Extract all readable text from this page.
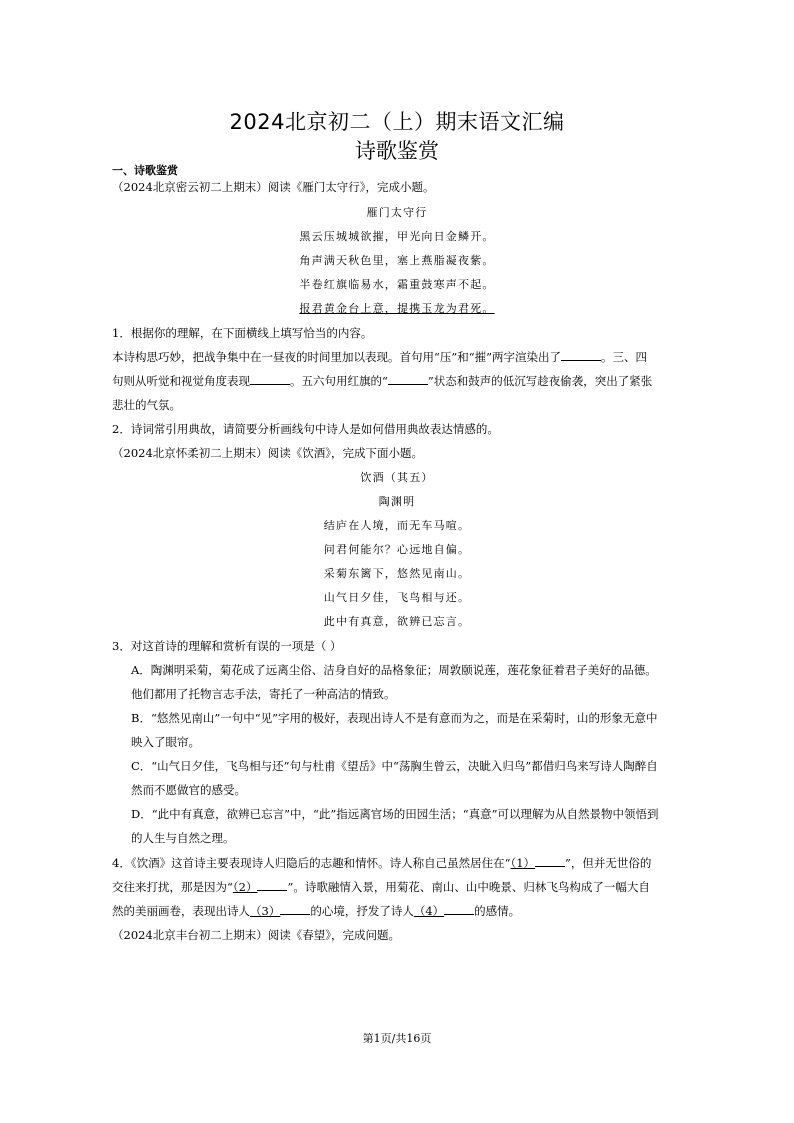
2024北京初二（上）期末语文汇编
诗歌鉴赏
一、诗歌鉴赏
（2024北京密云初二上期末）阅读《雁门太守行》，完成小题。
雁门太守行
黑云压城城欲摧，甲光向日金鳞开。
角声满天秋色里，塞上燕脂凝夜紫。
半卷红旗临易水，霜重鼓寒声不起。
报君黄金台上意，提携玉龙为君死。
1．根据你的理解，在下面横线上填写恰当的内容。
本诗构思巧妙，把战争集中在一昼夜的时间里加以表现。首句用“压”和“摧”两字渲染出了	。三、四
句则从听觉和视觉角度表现	。五六句用红旗的“	”状态和鼓声的低沉写趁夜偷袭，突出了紧张
悲壮的气氛。
2．诗词常引用典故，请简要分析画线句中诗人是如何借用典故表达情感的。
（2024北京怀柔初二上期末）阅读《饮酒》，完成下面小题。
饮酒（其五）
陶渊明
结庐在人境，而无车马喧。
问君何能尔？心远地自偏。
采菊东篱下，悠然见南山。
山气日夕佳，飞鸟相与还。
此中有真意，欲辨已忘言。
3．对这首诗的理解和赏析有误的一项是（ ）
A．陶渊明采菊，菊花成了远离尘俗、洁身自好的品格象征；周敦颐说莲，莲花象征着君子美好的品德。
他们都用了托物言志手法，寄托了一种高洁的情致。
B．“悠然见南山”一句中“见”字用的极好，表现出诗人不是有意而为之，而是在采菊时，山的形象无意中
映入了眼帘。
C．“山气日夕佳，飞鸟相与还”句与杜甫《望岳》中“荡胸生曾云，决眦入归鸟”都借归鸟来写诗人陶醉自
然而不愿做官的感受。
D．“此中有真意，欲辨已忘言”中，“此”指远离官场的田园生活；“真意”可以理解为从自然景物中领悟到
的人生与自然之理。
4．《饮酒》这首诗主要表现诗人归隐后的志趣和情怀。诗人称自己虽然居住在“（1）	”，但并无世俗的
交往来打扰，那是因为“（2）	”。诗歌融情入景，用菊花、南山、山中晚景、归林飞鸟构成了一幅大自
然的美丽画卷，表现出诗人（3）	的心境，抒发了诗人（4）	的感情。
（2024北京丰台初二上期末）阅读《春望》，完成问题。
第1页/共16页
